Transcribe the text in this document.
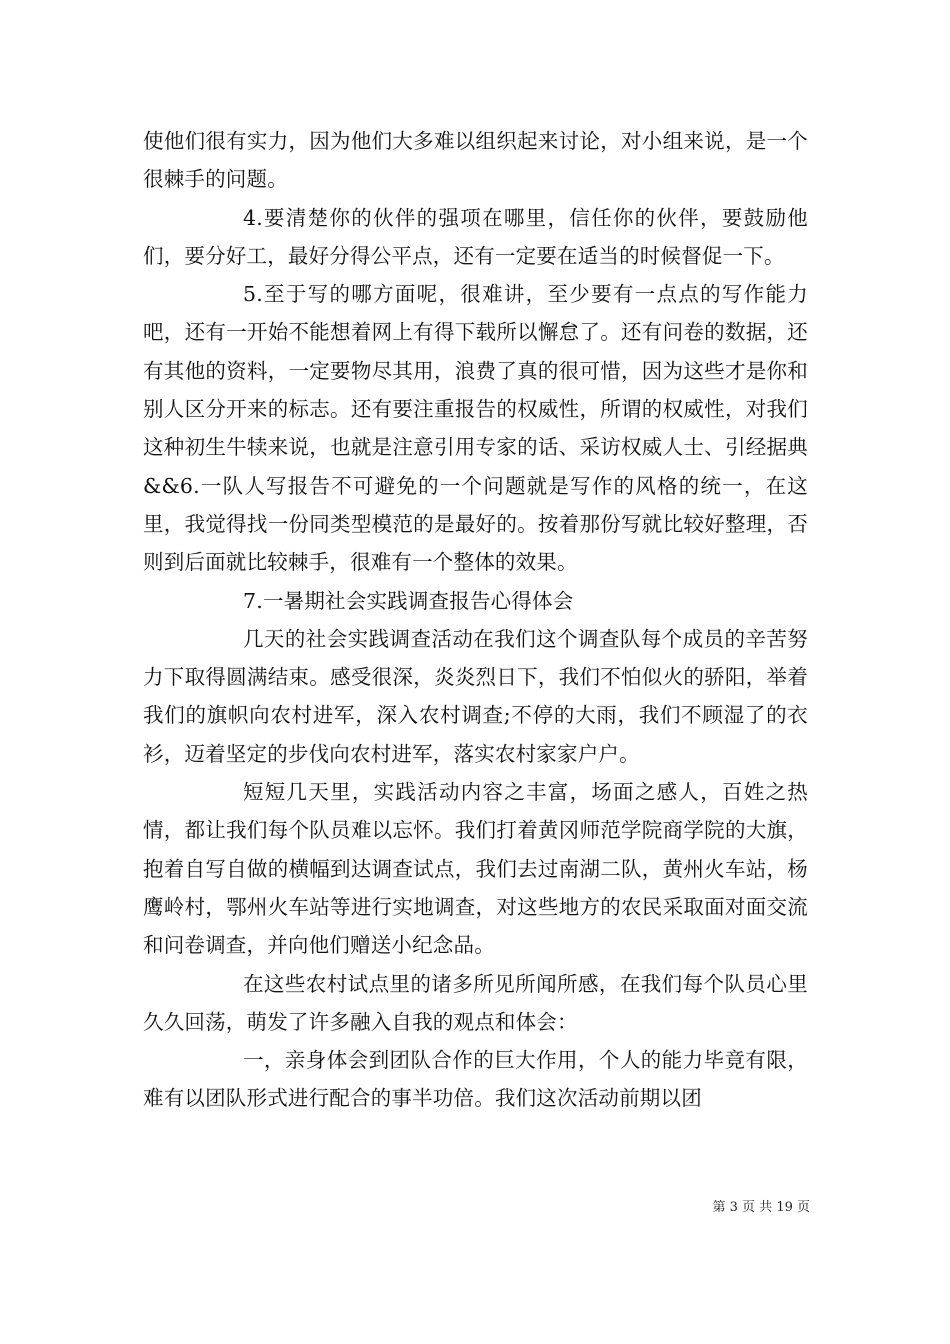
使他们很有实力，因为他们大多难以组织起来讨论，对小组来说，是一个很棘手的问题。

4.要清楚你的伙伴的强项在哪里，信任你的伙伴，要鼓励他们，要分好工，最好分得公平点，还有一定要在适当的时候督促一下。

5.至于写的哪方面呢，很难讲，至少要有一点点的写作能力吧，还有一开始不能想着网上有得下载所以懈怠了。还有问卷的数据，还有其他的资料，一定要物尽其用，浪费了真的很可惜，因为这些才是你和别人区分开来的标志。还有要注重报告的权威性，所谓的权威性，对我们这种初生牛犊来说，也就是注意引用专家的话、采访权威人士、引经据典&&6.一队人写报告不可避免的一个问题就是写作的风格的统一，在这里，我觉得找一份同类型模范的是最好的。按着那份写就比较好整理，否则到后面就比较棘手，很难有一个整体的效果。

7.一暑期社会实践调查报告心得体会

几天的社会实践调查活动在我们这个调查队每个成员的辛苦努力下取得圆满结束。感受很深，炎炎烈日下，我们不怕似火的骄阳，举着我们的旗帜向农村进军，深入农村调查;不停的大雨，我们不顾湿了的衣衫，迈着坚定的步伐向农村进军，落实农村家家户户。

短短几天里，实践活动内容之丰富，场面之感人，百姓之热情，都让我们每个队员难以忘怀。我们打着黄冈师范学院商学院的大旗，抱着自写自做的横幅到达调查试点，我们去过南湖二队，黄州火车站，杨鹰岭村，鄂州火车站等进行实地调查，对这些地方的农民采取面对面交流和问卷调查，并向他们赠送小纪念品。

在这些农村试点里的诸多所见所闻所感，在我们每个队员心里久久回荡，萌发了许多融入自我的观点和体会：

一，亲身体会到团队合作的巨大作用，个人的能力毕竟有限，难有以团队形式进行配合的事半功倍。我们这次活动前期以团

第 3 页 共 19 页
